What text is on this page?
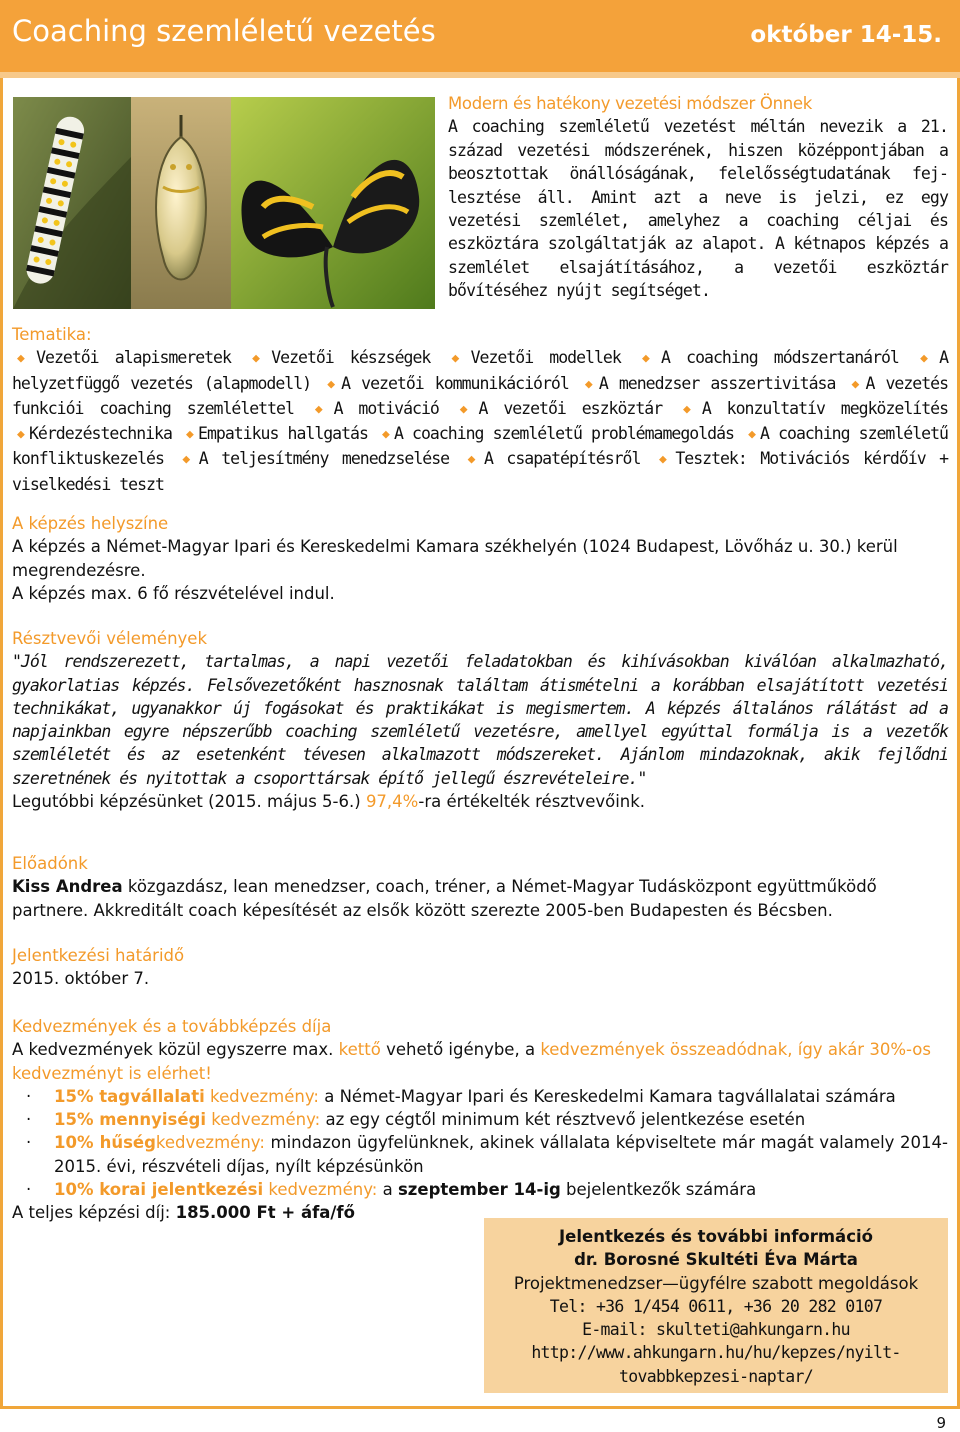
Coaching szemléletű vezetés	október 14-15.
Modern és hatékony vezetési módszer Önnek
A coaching szemléletű vezetést méltán nevezik a 21. század vezetési módszerének, hiszen középpontjában a beosztottak önállóságának, felelősségtudatának fej-lesztése áll. Amint azt a neve is jelzi, ez egy vezetési szemlélet, amelyhez a coaching céljai és eszköztára szolgáltatják az alapot. A kétnapos képzés a szemlélet elsajátításához, a vezetői eszköztár bővítéséhez nyújt segítséget.
Tematika:
◆ Vezetői alapismeretek ◆ Vezetői készségek ◆ Vezetői modellek ◆ A coaching módszertanáról ◆ A helyzetfüggő vezetés (alapmodell) ◆ A vezetői kommunikációról ◆ A menedzser asszertivitása ◆ A vezetés funkciói coaching szemlélettel ◆ A motiváció ◆ A vezetői eszköztár ◆ A konzultatív megközelítés ◆ Kérdezéstechnika ◆ Empatikus hallgatás ◆ A coaching szemléletű problémamegoldás ◆ A coaching szemléletű konfliktuskezelés ◆ A teljesítmény menedzselése ◆ A csapatépítésről ◆ Tesztek: Motivációs kérdőív + viselkedési teszt
A képzés helyszíne
A képzés a Német-Magyar Ipari és Kereskedelmi Kamara székhelyén (1024 Budapest, Lövőház u. 30.) kerül megrendezésre.
A képzés max. 6 fő részvételével indul.
Résztvevői vélemények
"Jól rendszerezett, tartalmas, a napi vezetői feladatokban és kihívásokban kiválóan alkalmazható, gyakorlatias képzés. Felsővezetőként hasznosnak találtam átismételni a korábban elsajátított vezetési technikákat, ugyanakkor új fogásokat és praktikákat is megismertem. A képzés általános rálátást ad a napjainkban egyre népszerűbb coaching szemléletű vezetésre, amellyel egyúttal formálja is a vezetők szemléletét és az esetenként tévesen alkalmazott módszereket. Ajánlom mindazoknak, akik fejlődni szeretnének és nyitottak a csoporttársak építő jellegű észrevételeire."
Legutóbbi képzésünket (2015. május 5-6.) 97,4%-ra értékelték résztvevőink.
Előadónk
Kiss Andrea közgazdász, lean menedzser, coach, tréner, a Német-Magyar Tudásközpont együttműködő partnere. Akkreditált coach képesítését az elsők között szerezte 2005-ben Budapesten és Bécsben.
Jelentkezési határidő
2015. október 7.
Kedvezmények és a továbbképzés díja
A kedvezmények közül egyszerre max. kettő vehető igénybe, a kedvezmények összeadódnak, így akár 30%-os kedvezményt is elérhet!
· 15% tagvállalati kedvezmény: a Német-Magyar Ipari és Kereskedelmi Kamara tagvállalatai számára
· 15% mennyiségi kedvezmény: az egy cégtől minimum két résztvevő jelentkezése esetén
· 10% hűségkedvezmény: mindazon ügyfelünknek, akinek vállalata képviseltete már magát valamely 2014-2015. évi, részvételi díjas, nyílt képzésünkön
· 10% korai jelentkezési kedvezmény: a szeptember 14-ig bejelentkezők számára
A teljes képzési díj: 185.000 Ft + áfa/fő
Jelentkezés és további információ
dr. Borosné Skultéti Éva Márta
Projektmenedzser—ügyfélre szabott megoldások
Tel: +36 1/454 0611, +36 20 282 0107
E-mail: skulteti@ahkungarn.hu
http://www.ahkungarn.hu/hu/kepzes/nyilt-
tovabbkepzesi-naptar/
9
